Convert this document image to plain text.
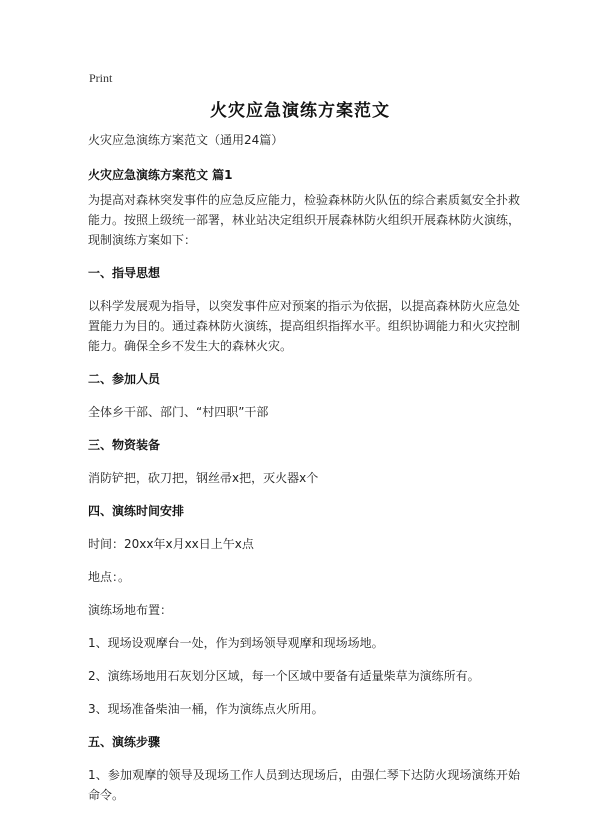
Print
火灾应急演练方案范文

火灾应急演练方案范文（通用24篇）

火灾应急演练方案范文 篇1

为提高对森林突发事件的应急反应能力，检验森林防火队伍的综合素质氦安全扑救能力。按照上级统一部署，林业站决定组织开展森林防火组织开展森林防火演练，现制演练方案如下：

一、指导思想

以科学发展观为指导，以突发事件应对预案的指示为依据，以提高森林防火应急处置能力为目的。通过森林防火演练，提高组织指挥水平。组织协调能力和火灾控制能力。确保全乡不发生大的森林火灾。

二、参加人员

全体乡干部、部门、“村四职”干部

三、物资装备

消防铲把，砍刀把，钢丝帚x把，灭火器x个

四、演练时间安排

时间：20xx年x月xx日上午x点

地点：。

演练场地布置：

1、现场设观摩台一处，作为到场领导观摩和现场场地。

2、演练场地用石灰划分区域，每一个区域中要备有适量柴草为演练所有。

3、现场准备柴油一桶，作为演练点火所用。

五、演练步骤

1、参加观摩的领导及现场工作人员到达现场后，由强仁琴下达防火现场演练开始命令。
